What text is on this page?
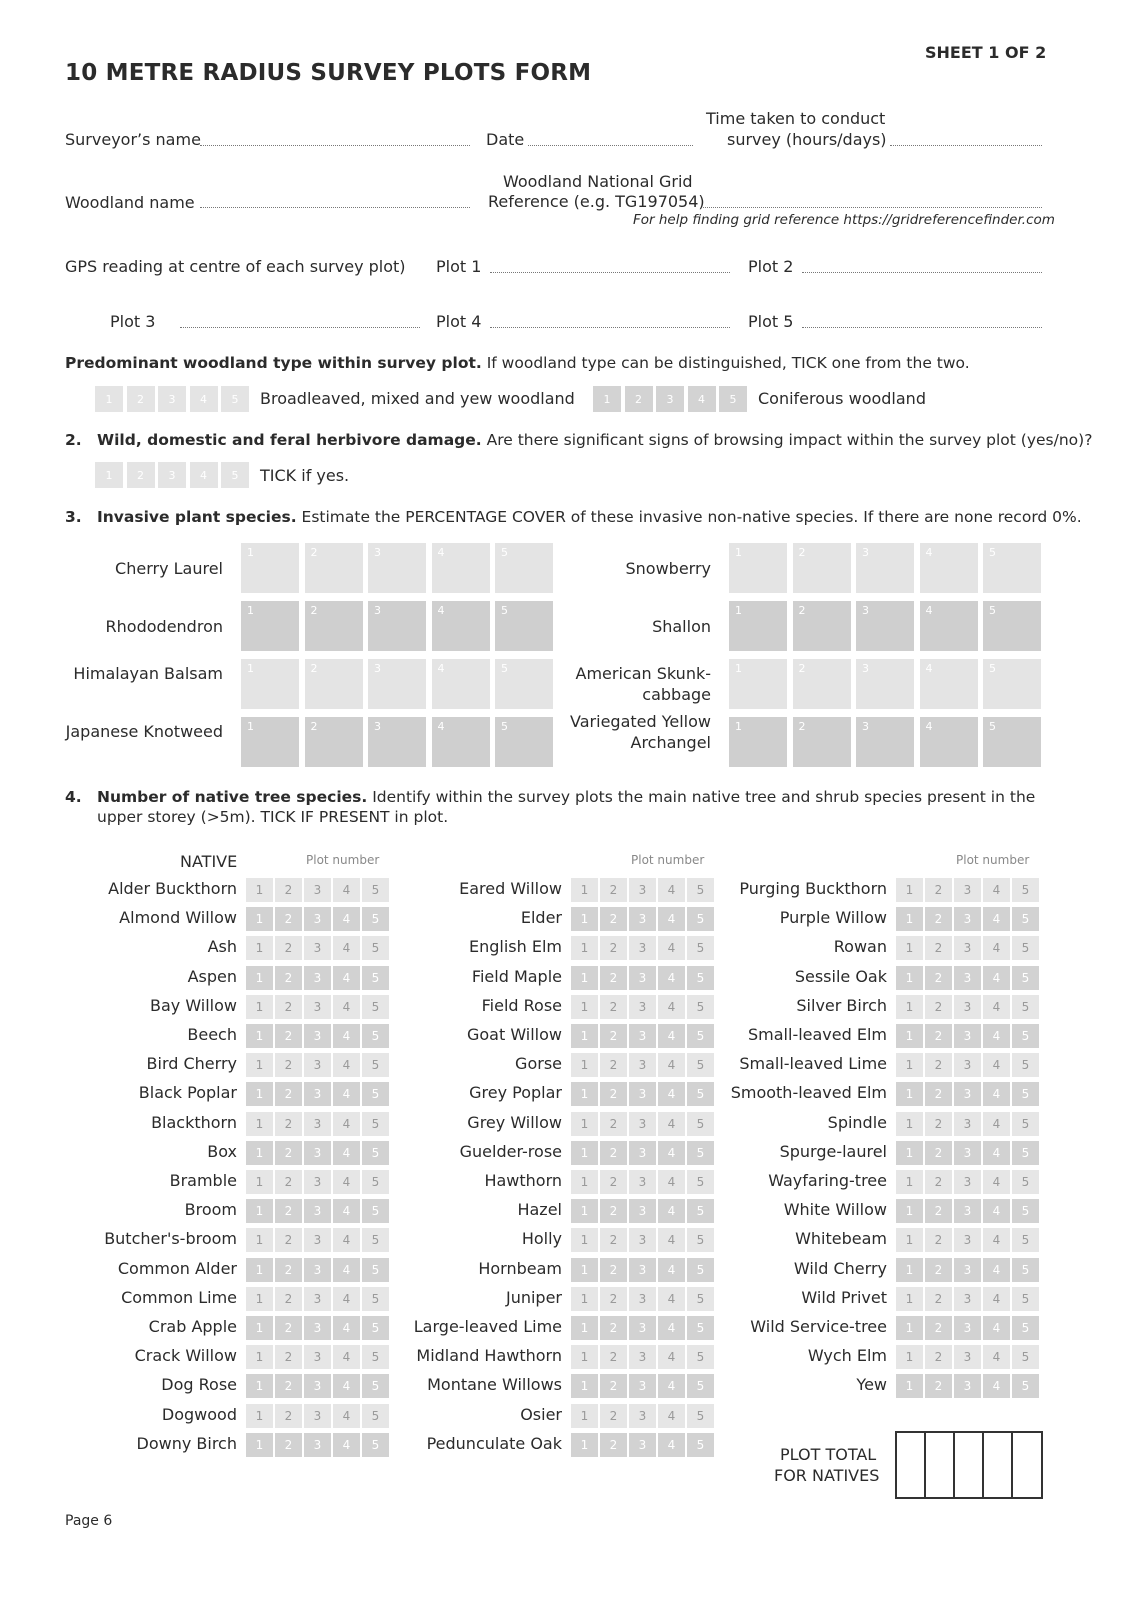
SHEET 1 OF 2
10 METRE RADIUS SURVEY PLOTS FORM
Surveyor’s name	Date
Time taken to conduct
survey (hours/days)
Woodland name
Woodland National Grid
Reference (e.g. TG197054)
For help finding grid reference https://gridreferencefinder.com
GPS reading at centre of each survey plot) Plot 1	Plot 2
Plot 3	Plot 4	Plot 5
Predominant woodland type within survey plot. If woodland type can be distinguished, TICK one from the two.
1	2	3	4	5	Broadleaved, mixed and yew woodland	1	2	3	4	5	Coniferous woodland
2. Wild, domestic and feral herbivore damage. Are there significant signs of browsing impact within the survey plot (yes/no)?
1	2	3	4	5	TICK if yes.
3. Invasive plant species. Estimate the PERCENTAGE COVER of these invasive non-native species. If there are none record 0%.
Cherry Laurel
1	2	3	4	5
Rhododendron
1	2	3	4	5
Himalayan Balsam	1	2	3	4	5
Japanese Knotweed	1	2	3	4	5
Snowberry
1	2	3	4	5
Shallon
1	2	3	4	5
American Skunk-cabbage
1	2	3	4	5
Variegated Yellow Archangel
1	2	3	4	5
4. Number of native tree species. Identify within the survey plots the main native tree and shrub species present in the
upper storey (>5m). TICK IF PRESENT in plot.
NATIVE	Plot number	Plot number	Plot number
Alder Buckthorn	1	2	3	4	5
Almond Willow	1	2	3	4	5
Ash	1	2	3	4	5
Aspen	1	2	3	4	5
Bay Willow	1	2	3	4	5
Beech	1	2	3	4	5
Bird Cherry	1	2	3	4	5
Black Poplar	1	2	3	4	5
Blackthorn	1	2	3	4	5
Box	1	2	3	4	5
Bramble	1	2	3	4	5
Broom	1	2	3	4	5
Butcher's-broom	1	2	3	4	5
Common Alder	1	2	3	4	5
Common Lime	1	2	3	4	5
Crab Apple	1	2	3	4	5
Crack Willow	1	2	3	4	5
Dog Rose	1	2	3	4	5
Dogwood	1	2	3	4	5
Downy Birch	1	2	3	4	5
Eared Willow	1	2	3	4	5
Elder	1	2	3	4	5
English Elm	1	2	3	4	5
Field Maple	1	2	3	4	5
Field Rose	1	2	3	4	5
Goat Willow	1	2	3	4	5
Gorse	1	2	3	4	5
Grey Poplar	1	2	3	4	5
Grey Willow	1	2	3	4	5
Guelder-rose	1	2	3	4	5
Hawthorn	1	2	3	4	5
Hazel	1	2	3	4	5
Holly	1	2	3	4	5
Hornbeam	1	2	3	4	5
Juniper	1	2	3	4	5
Large-leaved Lime	1	2	3	4	5
Midland Hawthorn	1	2	3	4	5
Montane Willows	1	2	3	4	5
Osier	1	2	3	4	5
Pedunculate Oak	1	2	3	4	5
Purging Buckthorn	1	2	3	4	5
Purple Willow	1	2	3	4	5
Rowan	1	2	3	4	5
Sessile Oak	1	2	3	4	5
Silver Birch	1	2	3	4	5
Small-leaved Elm	1	2	3	4	5
Small-leaved Lime	1	2	3	4	5
Smooth-leaved Elm	1	2	3	4	5
Spindle	1	2	3	4	5
Spurge-laurel	1	2	3	4	5
Wayfaring-tree	1	2	3	4	5
White Willow	1	2	3	4	5
Whitebeam	1	2	3	4	5
Wild Cherry	1	2	3	4	5
Wild Privet	1	2	3	4	5
Wild Service-tree	1	2	3	4	5
Wych Elm	1	2	3	4	5
Yew	1	2	3	4	5
PLOT TOTAL
FOR NATIVES
Page 6
